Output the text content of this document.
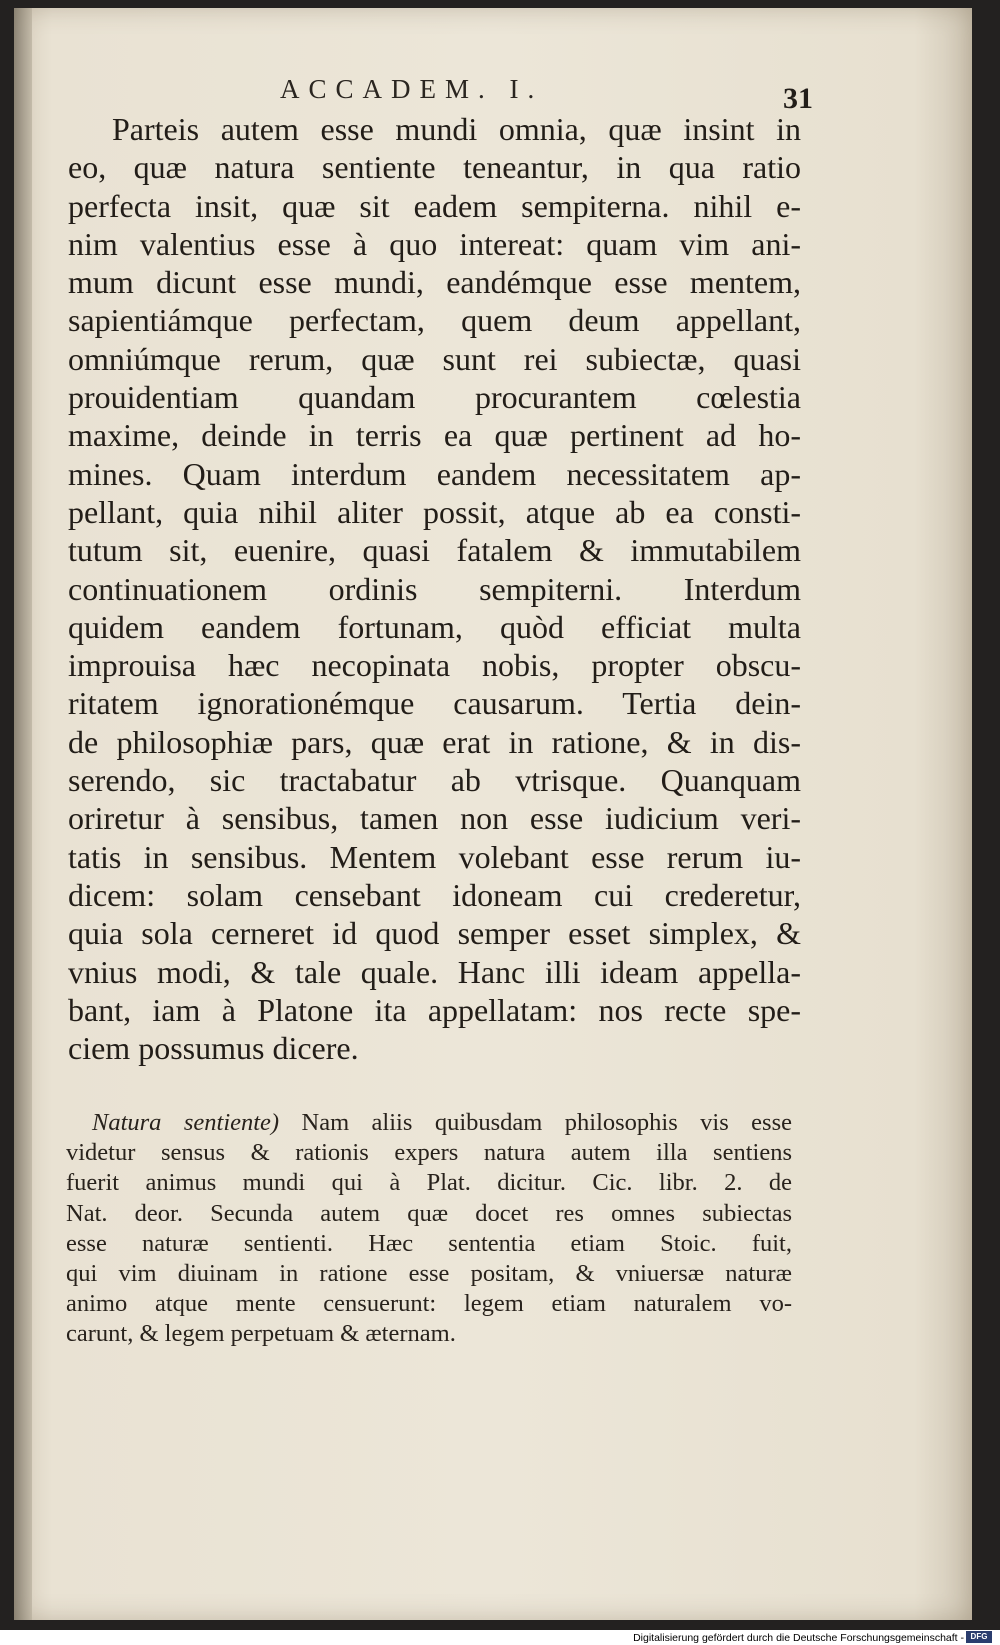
ACCADEM. I.	31
Parteis autem esse mundi omnia, quæ insint in
eo, quæ natura sentiente teneantur, in qua ratio
perfecta insit, quæ sit eadem sempiterna. nihil e-
nim valentius esse à quo intereat: quam vim ani-
mum dicunt esse mundi, eandémque esse mentem,
sapientiámque perfectam, quem deum appellant,
omniúmque rerum, quæ sunt rei subiectæ, quasi
prouidentiam quandam procurantem cœlestia
maxime, deinde in terris ea quæ pertinent ad ho-
mines. Quam interdum eandem necessitatem ap-
pellant, quia nihil aliter possit, atque ab ea consti-
tutum sit, euenire, quasi fatalem & immutabilem
continuationem ordinis sempiterni. Interdum
quidem eandem fortunam, quòd efficiat multa
improuisa hæc necopinata nobis, propter obscu-
ritatem ignorationémque causarum. Tertia dein-
de philosophiæ pars, quæ erat in ratione, & in dis-
serendo, sic tractabatur ab vtrisque. Quanquam
oriretur à sensibus, tamen non esse iudicium veri-
tatis in sensibus. Mentem volebant esse rerum iu-
dicem: solam censebant idoneam cui crederetur,
quia sola cerneret id quod semper esset simplex, &
vnius modi, & tale quale. Hanc illi ideam appella-
bant, iam à Platone ita appellatam: nos recte spe-
ciem possumus dicere.
Natura sentiente) Nam aliis quibusdam philosophis vis esse
videtur sensus & rationis expers natura autem illa sentiens
fuerit animus mundi qui à Plat. dicitur. Cic. libr. 2. de
Nat. deor. Secunda autem quæ docet res omnes subiectas
esse naturæ sentienti. Hæc sententia etiam Stoic. fuit,
qui vim diuinam in ratione esse positam, & vniuersæ naturæ
animo atque mente censuerunt: legem etiam naturalem vo-
carunt, & legem perpetuam & æternam.
Digitalisierung gefördert durch die Deutsche Forschungsgemeinschaft - DFG
